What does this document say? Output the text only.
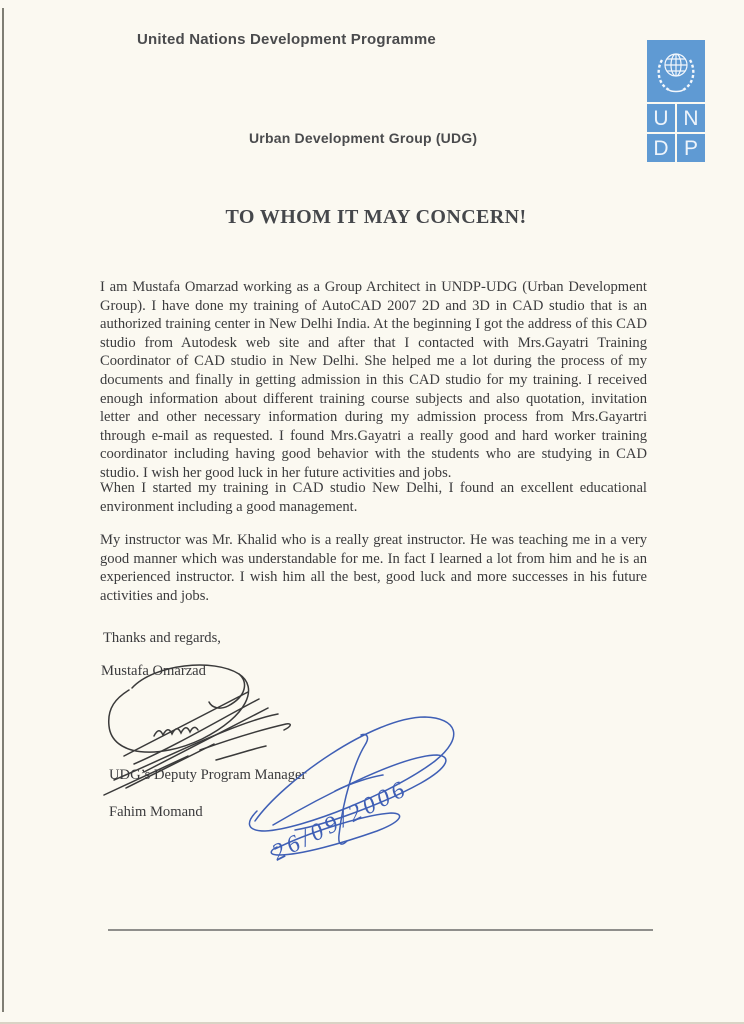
United Nations Development Programme
Urban Development Group (UDG)
U N
D P
TO WHOM IT MAY CONCERN!

I am Mustafa Omarzad working as a Group Architect in UNDP-UDG (Urban Development Group). I have done my training of AutoCAD 2007 2D and 3D in CAD studio that is an authorized training center in New Delhi India. At the beginning I got the address of this CAD studio from Autodesk web site and after that I contacted with Mrs.Gayatri Training Coordinator of CAD studio in New Delhi. She helped me a lot during the process of my documents and finally in getting admission in this CAD studio for my training. I received enough information about different training course subjects and also quotation, invitation letter and other necessary information during my admission process from Mrs.Gayartri through e-mail as requested. I found Mrs.Gayatri a really good and hard worker training coordinator including having good behavior with the students who are studying in CAD studio. I wish her good luck in her future activities and jobs.

When I started my training in CAD studio New Delhi, I found an excellent educational environment including a good management.

My instructor was Mr. Khalid who is a really great instructor. He was teaching me in a very good manner which was understandable for me. In fact I learned a lot from him and he is an experienced instructor. I wish him all the best, good luck and more successes in his future activities and jobs.

Thanks and regards,
Mustafa Omarzad
UDG’s Deputy Program Manager
Fahim Momand	26/09/2006
